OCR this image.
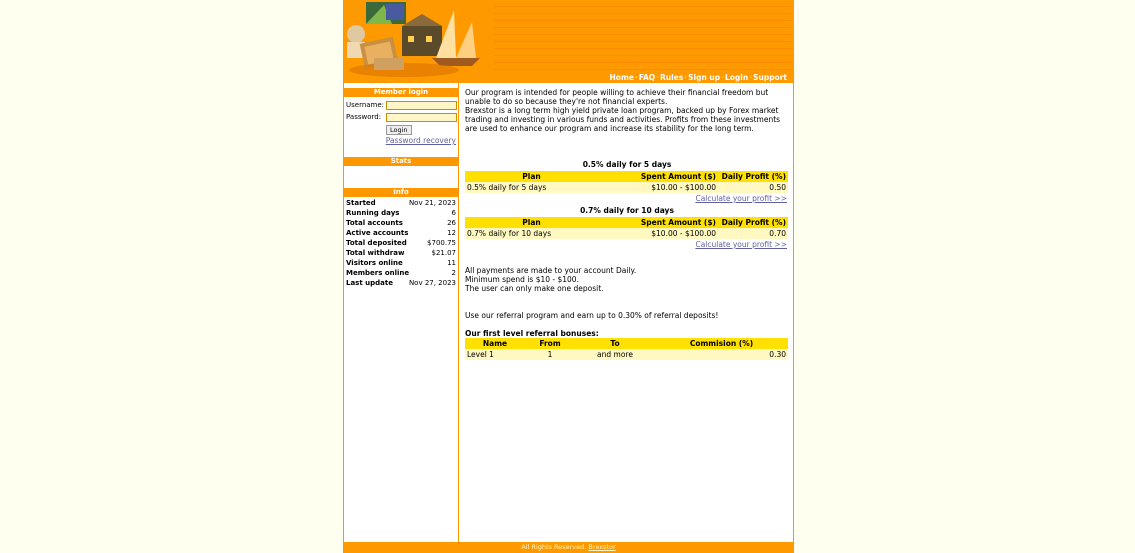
Home·FAQ·Rules·Sign up·Login·Support
Member login
Username:
Password:
Login
Password recovery
Stats
Info
Started	Nov 21, 2023
Running days	6
Total accounts	26
Active accounts	12
Total deposited	$700.75
Total withdraw	$21.07
Visitors online	11
Members online	2
Last update Nov 27, 2023
Our program is intended for people willing to achieve their financial freedom but unable to do so because they're not financial experts.
Brexstor is a long term high yield private loan program, backed up by Forex market trading and investing in various funds and activities. Profits from these investments are used to enhance our program and increase its stability for the long term.
0.5% daily for 5 days
Plan	Spent Amount ($)	Daily Profit (%)
0.5% daily for 5 days	$10.00 - $100.00	0.50
Calculate your profit >>
0.7% daily for 10 days
Plan	Spent Amount ($)	Daily Profit (%)
0.7% daily for 10 days	$10.00 - $100.00	0.70
Calculate your profit >>
All payments are made to your account Daily.
Minimum spend is $10 - $100.
The user can only make one deposit.
Use our referral program and earn up to 0.30% of referral deposits!
Our first level referral bonuses:
Name	From	To	Commision (%)
Level 1	1	and more	0.30
All Rights Reserved. Brexstor
